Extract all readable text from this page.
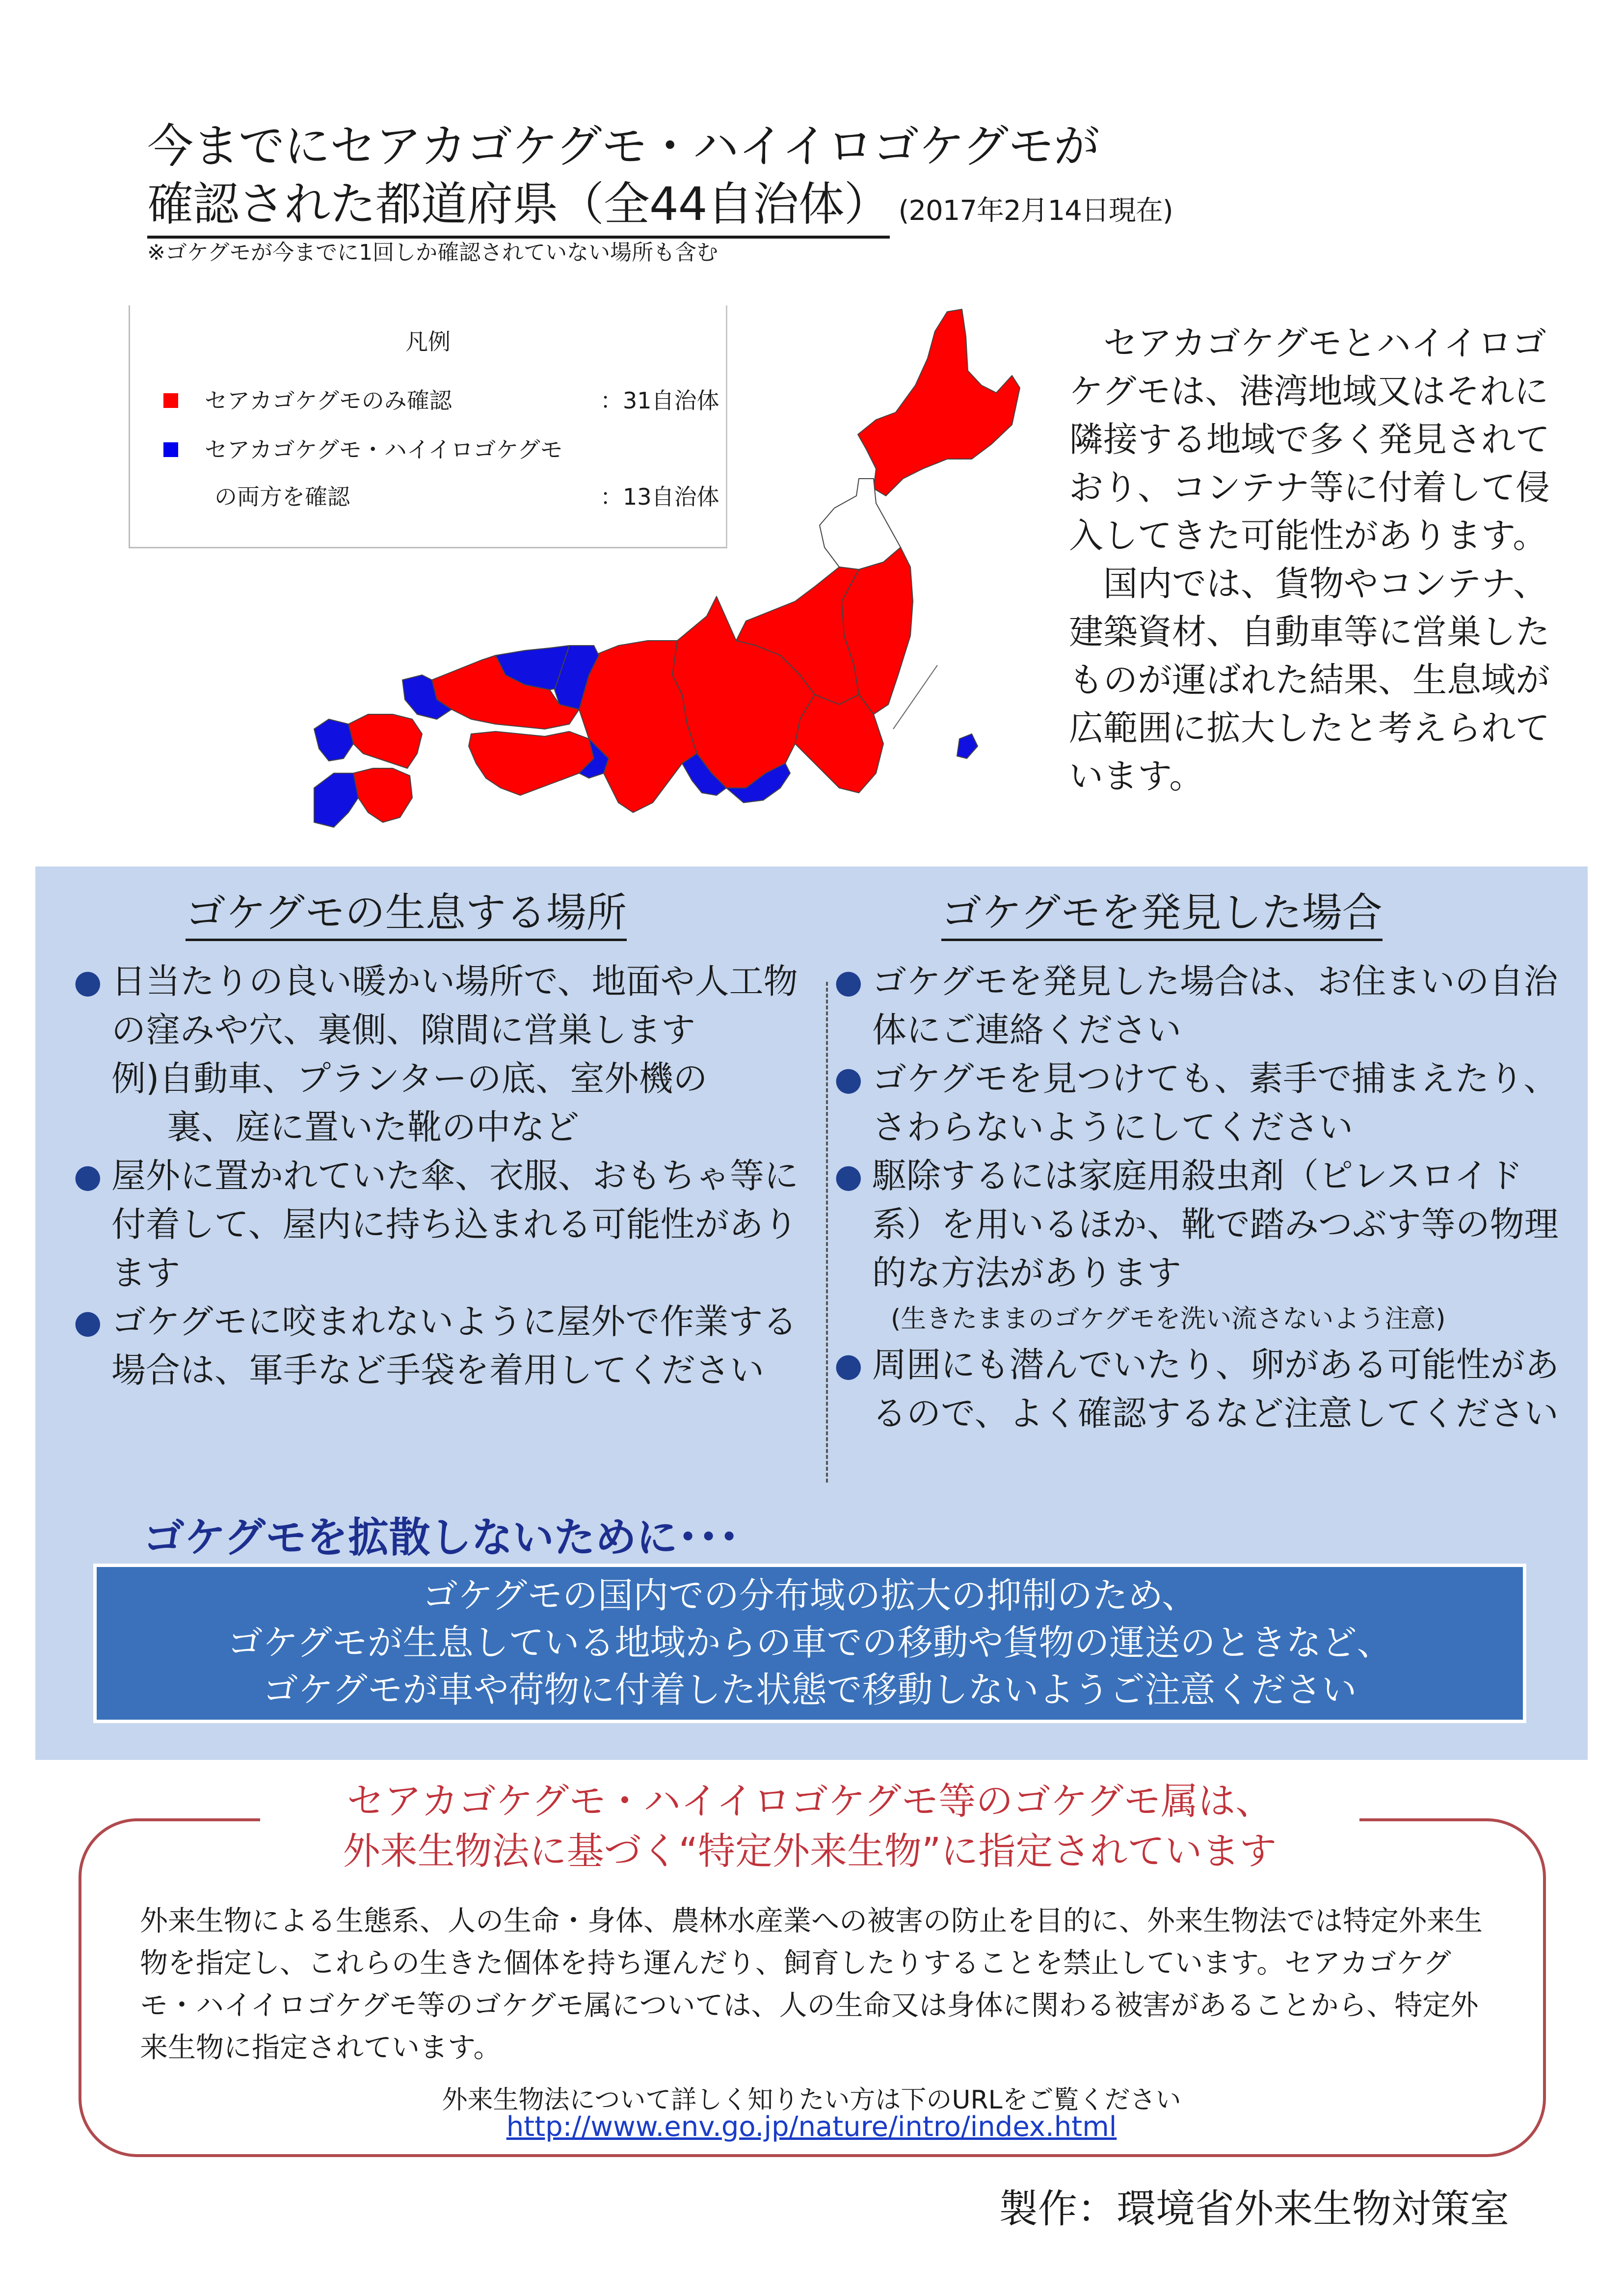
今までにセアカゴケグモ・ハイイロゴケグモが
確認された都道府県（全44自治体） (2017年2月14日現在)
※ゴケグモが今までに1回しか確認されていない場所も含む
凡例
セアカゴケグモのみ確認	：31自治体
セアカゴケグモ・ハイイロゴケグモ
の両方を確認	：13自治体

セアカゴケグモとハイイロゴケグモは、港湾地域又はそれに隣接する地域で多く発見されており、コンテナ等に付着して侵入してきた可能性があります。

国内では、貨物やコンテナ、建築資材、自動車等に営巣したものが運ばれた結果、生息域が広範囲に拡大したと考えられています。

ゴケグモの生息する場所	ゴケグモを発見した場合

● 日当たりの良い暖かい場所で、地面や人工物の窪みや穴、裏側、隙間に営巣します

例)自動車、プランターの底、室外機の

裏、庭に置いた靴の中など

● 屋外に置かれていた傘、衣服、おもちゃ等に付着して、屋内に持ち込まれる可能性があります

● ゴケグモに咬まれないように屋外で作業する場合は、軍手など手袋を着用してください

● ゴケグモを発見した場合は、お住まいの自治体にご連絡ください

● ゴケグモを見つけても、素手で捕まえたり、さわらないようにしてください

● 駆除するには家庭用殺虫剤（ピレスロイド系）を用いるほか、靴で踏みつぶす等の物理的な方法があります

(生きたままのゴケグモを洗い流さないよう注意)

● 周囲にも潜んでいたり、卵がある可能性があるので、よく確認するなど注意してください

ゴケグモを拡散しないために･･･
ゴケグモの国内での分布域の拡大の抑制のため、
ゴケグモが生息している地域からの車での移動や貨物の運送のときなど、
ゴケグモが車や荷物に付着した状態で移動しないようご注意ください
セアカゴケグモ・ハイイロゴケグモ等のゴケグモ属は、
外来生物法に基づく“特定外来生物”に指定されています
外来生物による生態系、人の生命・身体、農林水産業への被害の防止を目的に、外来生物法では特定外来生物を指定し、これらの生きた個体を持ち運んだり、飼育したりすることを禁止しています。セアカゴケグモ・ハイイロゴケグモ等のゴケグモ属については、人の生命又は身体に関わる被害があることから、特定外来生物に指定されています。
外来生物法について詳しく知りたい方は下のURLをご覧ください
http://www.env.go.jp/nature/intro/index.html
製作：環境省外来生物対策室
